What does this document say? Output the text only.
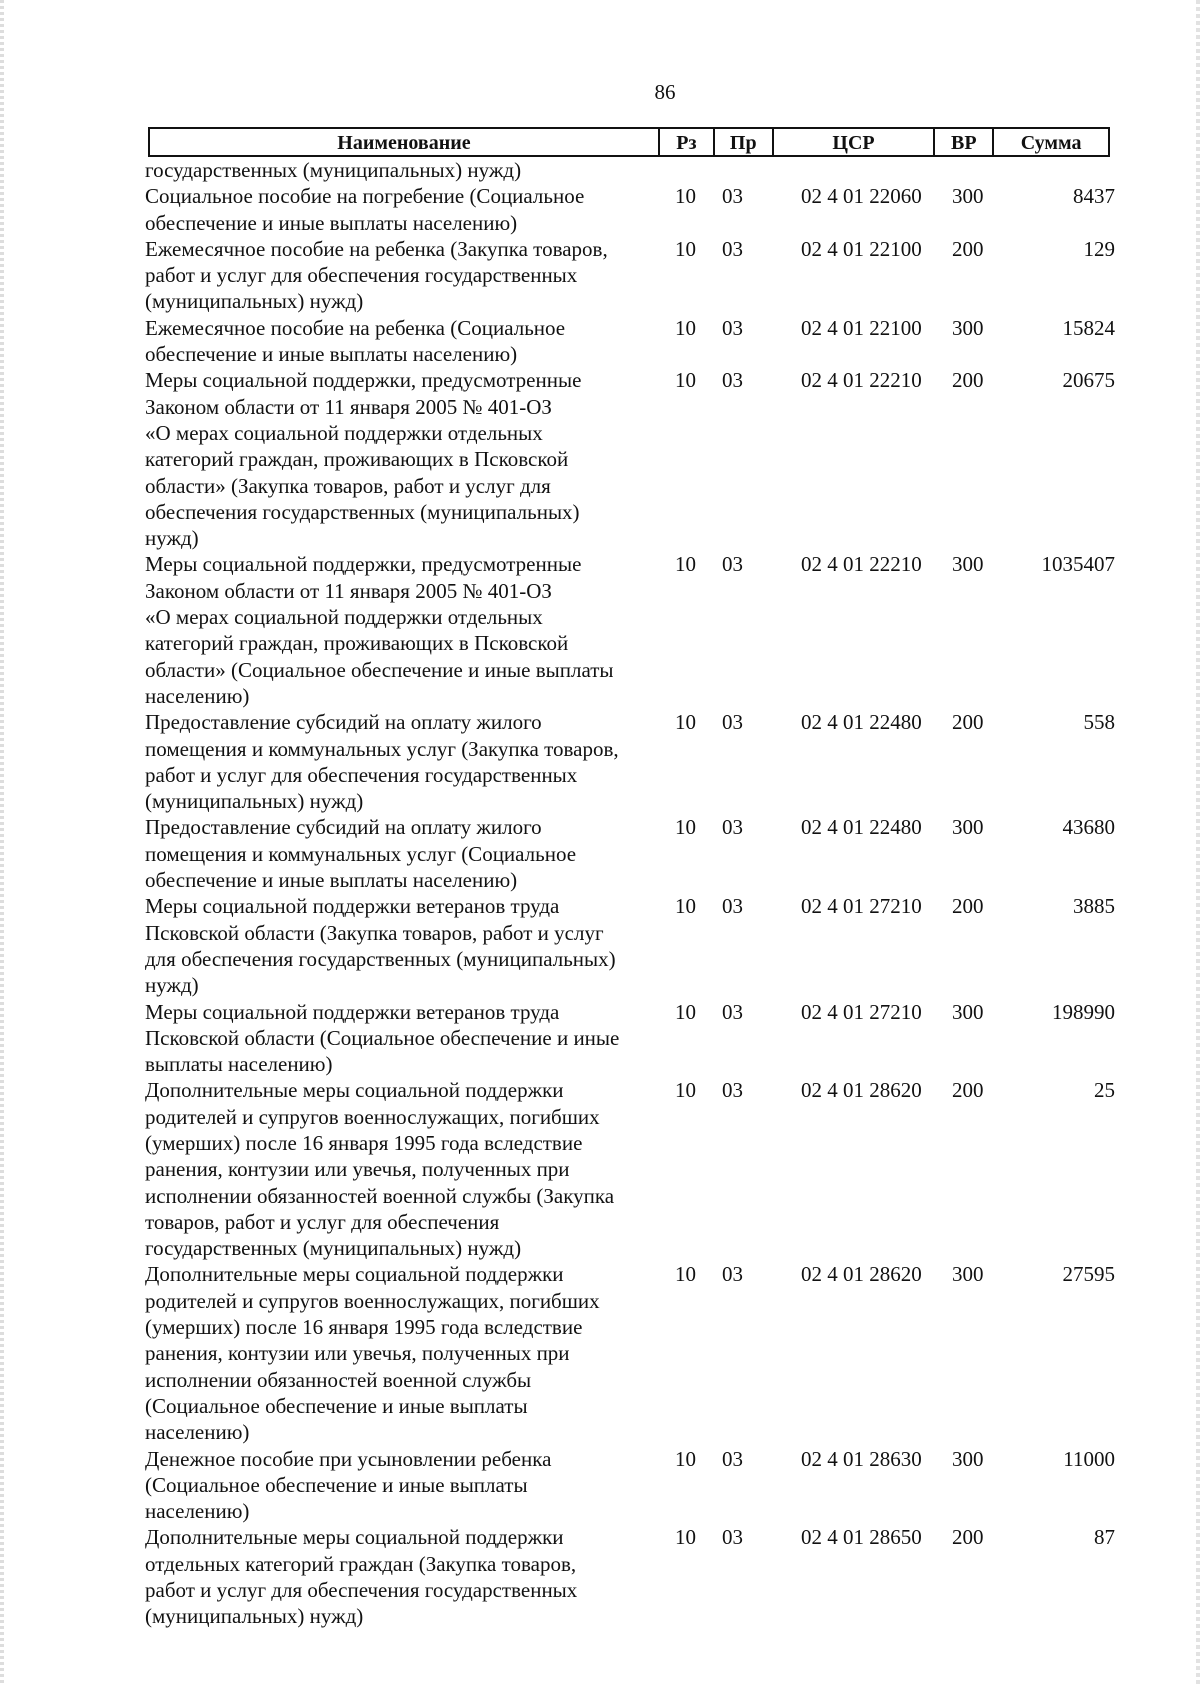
86
Наименование	Рз	Пр	ЦСР	ВР	Сумма
государственных (муниципальных) нужд)
Социальное пособие на погребение (Социальное
обеспечение и иные выплаты населению)
10	03	02 4 01 22060	300	8437
Ежемесячное пособие на ребенка (Закупка товаров,
работ и услуг для обеспечения государственных
(муниципальных) нужд)
10	03	02 4 01 22100	200	129
Ежемесячное пособие на ребенка (Социальное
обеспечение и иные выплаты населению)
10	03	02 4 01 22100	300	15824
Меры социальной поддержки, предусмотренные
Законом области от 11 января 2005 № 401-ОЗ
«О мерах социальной поддержки отдельных
категорий граждан, проживающих в Псковской
области» (Закупка товаров, работ и услуг для
обеспечения государственных (муниципальных)
нужд)
10	03	02 4 01 22210	200	20675
Меры социальной поддержки, предусмотренные
Законом области от 11 января 2005 № 401-ОЗ
«О мерах социальной поддержки отдельных
категорий граждан, проживающих в Псковской
области» (Социальное обеспечение и иные выплаты
населению)
10	03	02 4 01 22210	300	1035407
Предоставление субсидий на оплату жилого
помещения и коммунальных услуг (Закупка товаров,
работ и услуг для обеспечения государственных
(муниципальных) нужд)
10	03	02 4 01 22480	200	558
Предоставление субсидий на оплату жилого
помещения и коммунальных услуг (Социальное
обеспечение и иные выплаты населению)
10	03	02 4 01 22480	300	43680
Меры социальной поддержки ветеранов труда
Псковской области (Закупка товаров, работ и услуг
для обеспечения государственных (муниципальных)
нужд)
10	03	02 4 01 27210	200	3885
Меры социальной поддержки ветеранов труда
Псковской области (Социальное обеспечение и иные
выплаты населению)
10	03	02 4 01 27210	300	198990
Дополнительные меры социальной поддержки
родителей и супругов военнослужащих, погибших
(умерших) после 16 января 1995 года вследствие
ранения, контузии или увечья, полученных при
исполнении обязанностей военной службы (Закупка
товаров, работ и услуг для обеспечения
государственных (муниципальных) нужд)
10	03	02 4 01 28620	200	25
Дополнительные меры социальной поддержки
родителей и супругов военнослужащих, погибших
(умерших) после 16 января 1995 года вследствие
ранения, контузии или увечья, полученных при
исполнении обязанностей военной службы
(Социальное обеспечение и иные выплаты
населению)
10	03	02 4 01 28620	300	27595
Денежное пособие при усыновлении ребенка
(Социальное обеспечение и иные выплаты
населению)
10	03	02 4 01 28630	300	11000
Дополнительные меры социальной поддержки
отдельных категорий граждан (Закупка товаров,
работ и услуг для обеспечения государственных
(муниципальных) нужд)
10	03	02 4 01 28650	200	87
